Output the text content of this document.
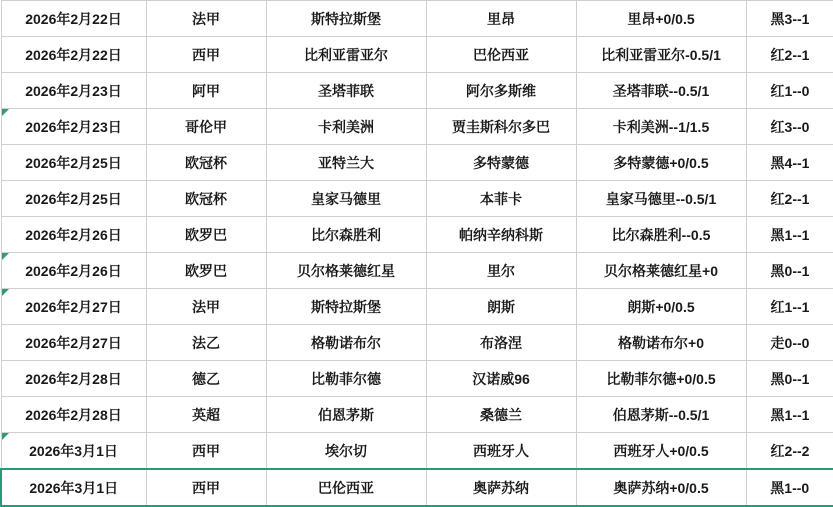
2026年2月22日	法甲	斯特拉斯堡	里昂	里昂+0/0.5	黑3--1
2026年2月22日	西甲	比利亚雷亚尔	巴伦西亚	比利亚雷亚尔-0.5/1	红2--1
2026年2月23日	阿甲	圣塔菲联	阿尔多斯维	圣塔菲联--0.5/1	红1--0
2026年2月23日	哥伦甲	卡利美洲	贾圭斯科尔多巴	卡利美洲--1/1.5	红3--0
2026年2月25日	欧冠杯	亚特兰大	多特蒙德	多特蒙德+0/0.5	黑4--1
2026年2月25日	欧冠杯	皇家马德里	本菲卡	皇家马德里--0.5/1	红2--1
2026年2月26日	欧罗巴	比尔森胜利	帕纳辛纳科斯	比尔森胜利--0.5	黑1--1
2026年2月26日	欧罗巴	贝尔格莱德红星	里尔	贝尔格莱德红星+0	黑0--1
2026年2月27日	法甲	斯特拉斯堡	朗斯	朗斯+0/0.5	红1--1
2026年2月27日	法乙	格勒诺布尔	布洛涅	格勒诺布尔+0	走0--0
2026年2月28日	德乙	比勒菲尔德	汉诺威96	比勒菲尔德+0/0.5	黑0--1
2026年2月28日	英超	伯恩茅斯	桑德兰	伯恩茅斯--0.5/1	黑1--1
2026年3月1日	西甲	埃尔切	西班牙人	西班牙人+0/0.5	红2--2
2026年3月1日	西甲	巴伦西亚	奥萨苏纳	奥萨苏纳+0/0.5	黑1--0
